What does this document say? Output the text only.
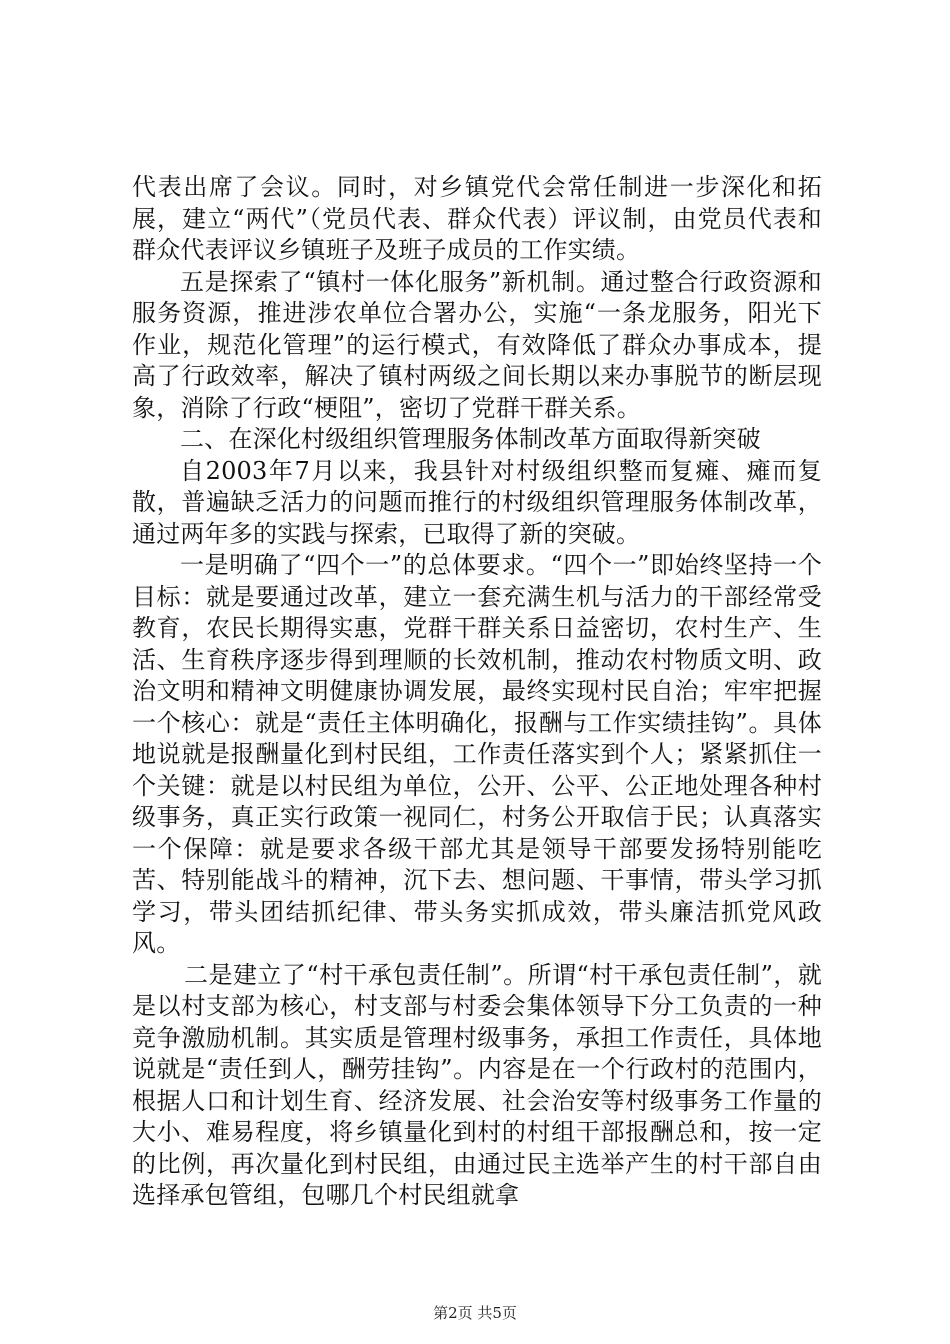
代表出席了会议。同时，对乡镇党代会常任制进一步深化和拓展，建立“两代”（党员代表、群众代表）评议制，由党员代表和群众代表评议乡镇班子及班子成员的工作实绩。

五是探索了“镇村一体化服务”新机制。通过整合行政资源和服务资源，推进涉农单位合署办公，实施“一条龙服务，阳光下作业，规范化管理”的运行模式，有效降低了群众办事成本，提高了行政效率，解决了镇村两级之间长期以来办事脱节的断层现象，消除了行政“梗阻”，密切了党群干群关系。

二、在深化村级组织管理服务体制改革方面取得新突破

自2003年7月以来，我县针对村级组织整而复瘫、瘫而复散，普遍缺乏活力的问题而推行的村级组织管理服务体制改革，通过两年多的实践与探索，已取得了新的突破。

一是明确了“四个一”的总体要求。“四个一”即始终坚持一个目标：就是要通过改革，建立一套充满生机与活力的干部经常受教育，农民长期得实惠，党群干群关系日益密切，农村生产、生活、生育秩序逐步得到理顺的长效机制，推动农村物质文明、政治文明和精神文明健康协调发展，最终实现村民自治；牢牢把握一个核心：就是“责任主体明确化，报酬与工作实绩挂钩”。具体地说就是报酬量化到村民组，工作责任落实到个人；紧紧抓住一个关键：就是以村民组为单位，公开、公平、公正地处理各种村级事务，真正实行政策一视同仁，村务公开取信于民；认真落实一个保障：就是要求各级干部尤其是领导干部要发扬特别能吃苦、特别能战斗的精神，沉下去、想问题、干事情，带头学习抓学习，带头团结抓纪律、带头务实抓成效，带头廉洁抓党风政风。

二是建立了“村干承包责任制”。所谓“村干承包责任制”，就是以村支部为核心，村支部与村委会集体领导下分工负责的一种竞争激励机制。其实质是管理村级事务，承担工作责任，具体地说就是“责任到人，酬劳挂钩”。内容是在一个行政村的范围内，根据人口和计划生育、经济发展、社会治安等村级事务工作量的大小、难易程度，将乡镇量化到村的村组干部报酬总和，按一定的比例，再次量化到村民组，由通过民主选举产生的村干部自由选择承包管组，包哪几个村民组就拿

第2页 共5页
